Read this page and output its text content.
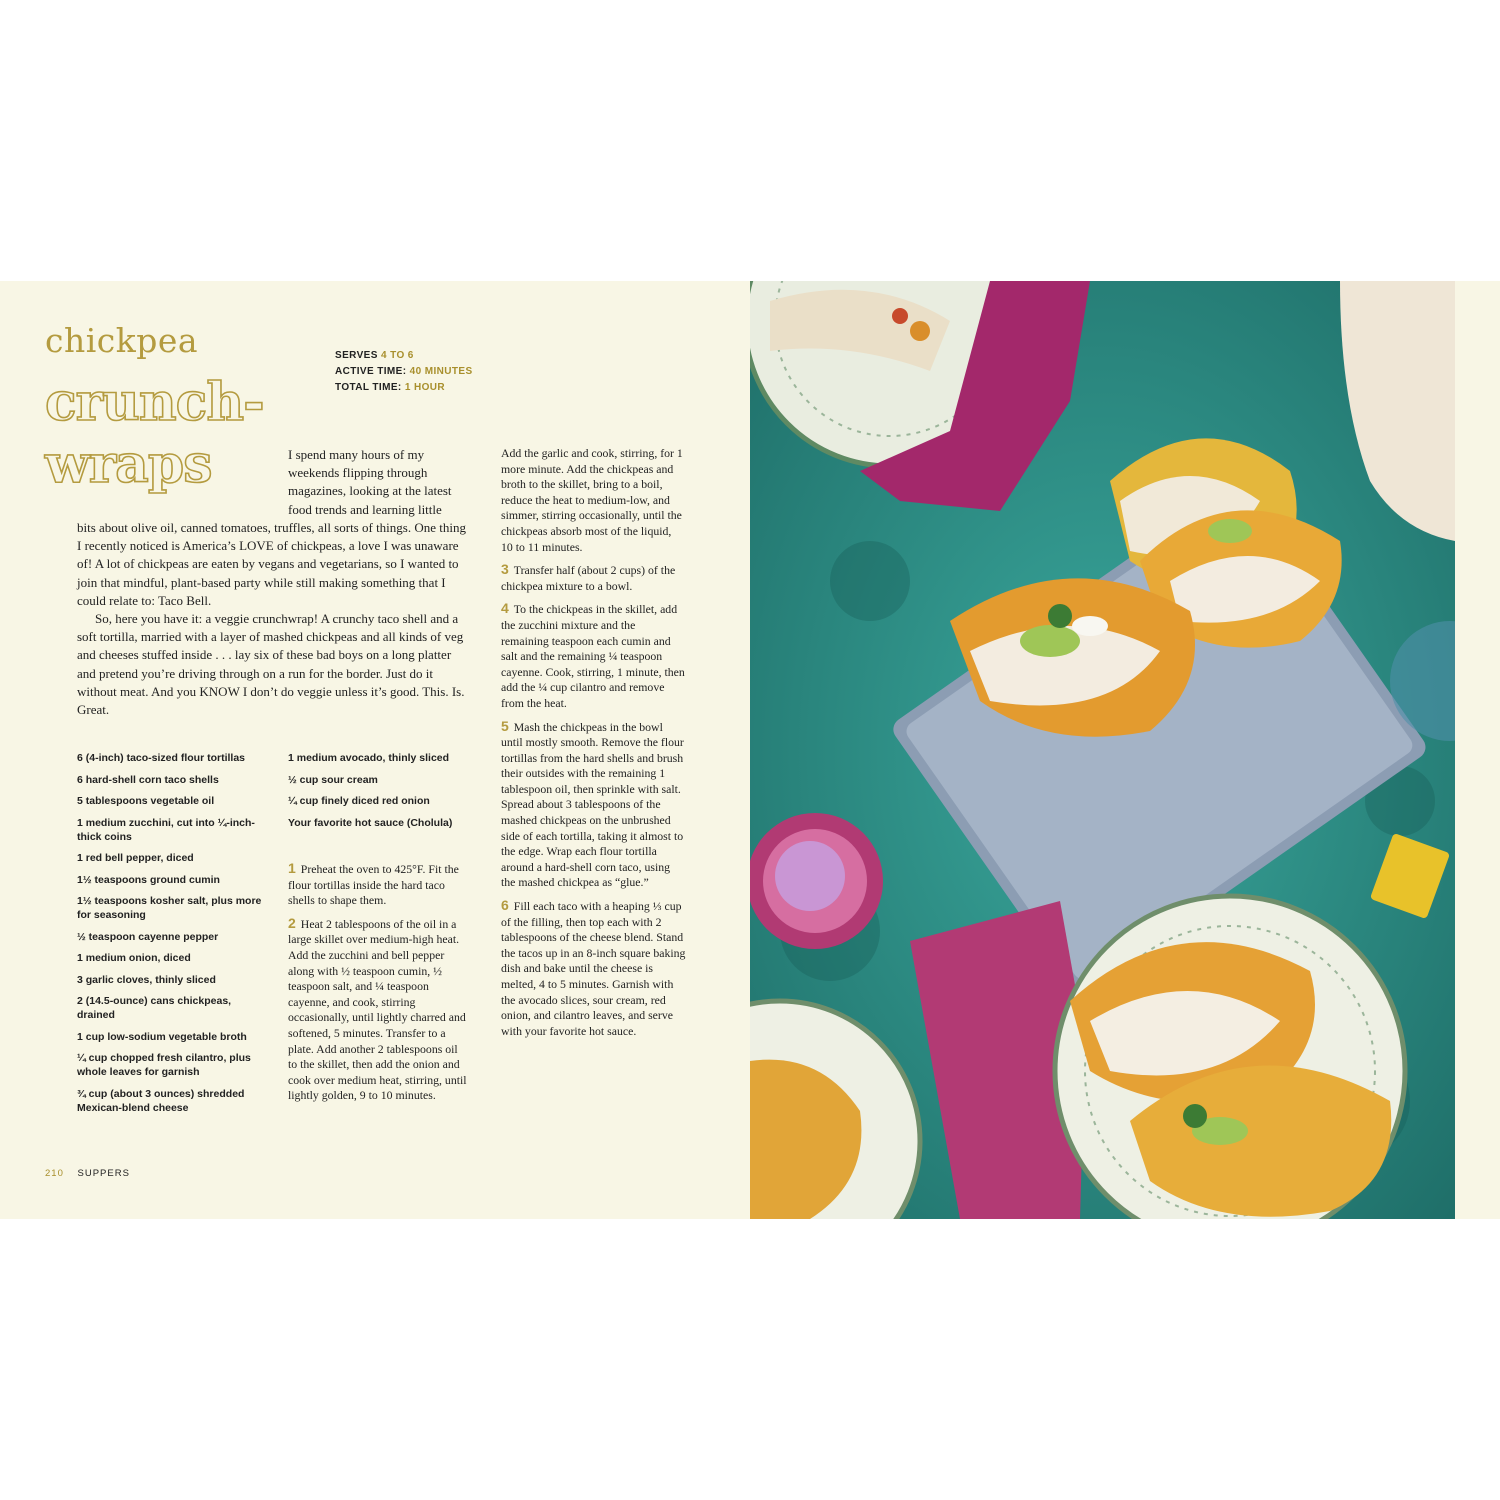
chickpea
crunch-
wraps
SERVES 4 TO 6
ACTIVE TIME: 40 MINUTES
TOTAL TIME: 1 HOUR

I spend many hours of my weekends flipping through magazines, looking at the latest food trends and learning little

bits about olive oil, canned tomatoes, truffles, all sorts of things. One thing I recently noticed is America’s LOVE of chickpeas, a love I was unaware of! A lot of chickpeas are eaten by vegans and vegetarians, so I wanted to join that mindful, plant-based party while still making something that I could relate to: Taco Bell.

So, here you have it: a veggie crunchwrap! A crunchy taco shell and a soft tortilla, married with a layer of mashed chickpeas and all kinds of veg and cheeses stuffed inside . . . lay six of these bad boys on a long platter and pretend you’re driving through on a run for the border. Just do it without meat. And you KNOW I don’t do veggie unless it’s good. This. Is. Great.

6 (4-inch) taco-sized flour tortillas
6 hard-shell corn taco shells
5 tablespoons vegetable oil
1 medium zucchini, cut into ¼-inch-thick coins
1 red bell pepper, diced
1½ teaspoons ground cumin
1½ teaspoons kosher salt, plus more for seasoning
½ teaspoon cayenne pepper
1 medium onion, diced
3 garlic cloves, thinly sliced
2 (14.5-ounce) cans chickpeas, drained
1 cup low-sodium vegetable broth
¼ cup chopped fresh cilantro, plus whole leaves for garnish
¾ cup (about 3 ounces) shredded Mexican-blend cheese
1 medium avocado, thinly sliced
½ cup sour cream
¼ cup finely diced red onion
Your favorite hot sauce (Cholula)

1 Preheat the oven to 425°F. Fit the flour tortillas inside the hard taco shells to shape them.

2 Heat 2 tablespoons of the oil in a large skillet over medium-high heat. Add the zucchini and bell pepper along with ½ teaspoon cumin, ½ teaspoon salt, and ¼ teaspoon cayenne, and cook, stirring occasionally, until lightly charred and softened, 5 minutes. Transfer to a plate. Add another 2 tablespoons oil to the skillet, then add the onion and cook over medium heat, stirring, until lightly golden, 9 to 10 minutes.

Add the garlic and cook, stirring, for 1 more minute. Add the chickpeas and broth to the skillet, bring to a boil, reduce the heat to medium-low, and simmer, stirring occasionally, until the chickpeas absorb most of the liquid, 10 to 11 minutes.

3 Transfer half (about 2 cups) of the chickpea mixture to a bowl.

4 To the chickpeas in the skillet, add the zucchini mixture and the remaining teaspoon each cumin and salt and the remaining ¼ teaspoon cayenne. Cook, stirring, 1 minute, then add the ¼ cup cilantro and remove from the heat.

5 Mash the chickpeas in the bowl until mostly smooth. Remove the flour tortillas from the hard shells and brush their outsides with the remaining 1 tablespoon oil, then sprinkle with salt. Spread about 3 tablespoons of the mashed chickpeas on the unbrushed side of each tortilla, taking it almost to the edge. Wrap each flour tortilla around a hard-shell corn taco, using the mashed chickpea as “glue.”

6 Fill each taco with a heaping ⅓ cup of the filling, then top each with 2 tablespoons of the cheese blend. Stand the tacos up in an 8-inch square baking dish and bake until the cheese is melted, 4 to 5 minutes. Garnish with the avocado slices, sour cream, red onion, and cilantro leaves, and serve with your favorite hot sauce.

210 SUPPERS
